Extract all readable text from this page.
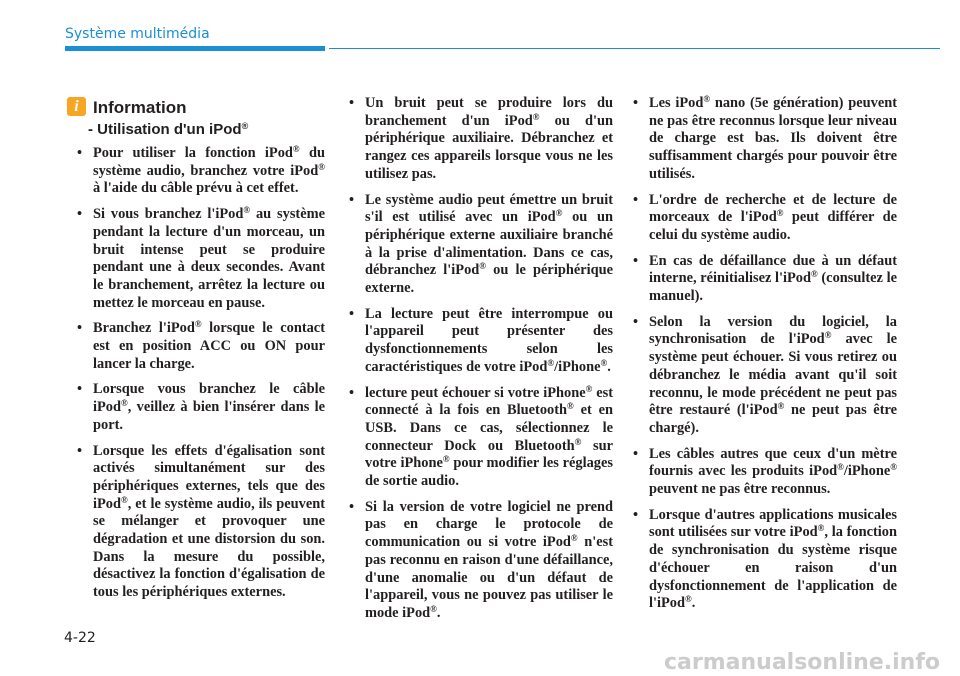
Système multimédia
i Information
- Utilisation d'un iPod®
• Pour utiliser la fonction iPod® du système audio, branchez votre iPod® à l'aide du câble prévu à cet effet.
• Si vous branchez l'iPod® au système pendant la lecture d'un morceau, un bruit intense peut se produire pendant une à deux secondes. Avant le branchement, arrêtez la lecture ou mettez le morceau en pause.
• Branchez l'iPod® lorsque le contact est en position ACC ou ON pour lancer la charge.
• Lorsque vous branchez le câble iPod®, veillez à bien l'insérer dans le port.
• Lorsque les effets d'égalisation sont activés simultanément sur des périphériques externes, tels que des iPod®, et le système audio, ils peuvent se mélanger et provoquer une dégradation et une distorsion du son. Dans la mesure du possible, désactivez la fonction d'égalisation de tous les périphériques externes.
• Un bruit peut se produire lors du branchement d'un iPod® ou d'un périphérique auxiliaire. Débranchez et rangez ces appareils lorsque vous ne les utilisez pas.
• Le système audio peut émettre un bruit s'il est utilisé avec un iPod® ou un périphérique externe auxiliaire branché à la prise d'alimentation. Dans ce cas, débranchez l'iPod® ou le périphérique externe.
• La lecture peut être interrompue ou l'appareil peut présenter des dysfonctionnements selon les caractéristiques de votre iPod®/iPhone®.
• lecture peut échouer si votre iPhone® est connecté à la fois en Bluetooth® et en USB. Dans ce cas, sélectionnez le connecteur Dock ou Bluetooth® sur votre iPhone® pour modifier les réglages de sortie audio.
• Si la version de votre logiciel ne prend pas en charge le protocole de communication ou si votre iPod® n'est pas reconnu en raison d'une défaillance, d'une anomalie ou d'un défaut de l'appareil, vous ne pouvez pas utiliser le mode iPod®.
• Les iPod® nano (5e génération) peuvent ne pas être reconnus lorsque leur niveau de charge est bas. Ils doivent être suffisamment chargés pour pouvoir être utilisés.
• L'ordre de recherche et de lecture de morceaux de l'iPod® peut différer de celui du système audio.
• En cas de défaillance due à un défaut interne, réinitialisez l'iPod® (consultez le manuel).
• Selon la version du logiciel, la synchronisation de l'iPod® avec le système peut échouer. Si vous retirez ou débranchez le média avant qu'il soit reconnu, le mode précédent ne peut pas être restauré (l'iPod® ne peut pas être chargé).
• Les câbles autres que ceux d'un mètre fournis avec les produits iPod®/iPhone® peuvent ne pas être reconnus.
• Lorsque d'autres applications musicales sont utilisées sur votre iPod®, la fonction de synchronisation du système risque d'échouer en raison d'un dysfonctionnement de l'application de l'iPod®.
4-22
carmanualsonline.info
